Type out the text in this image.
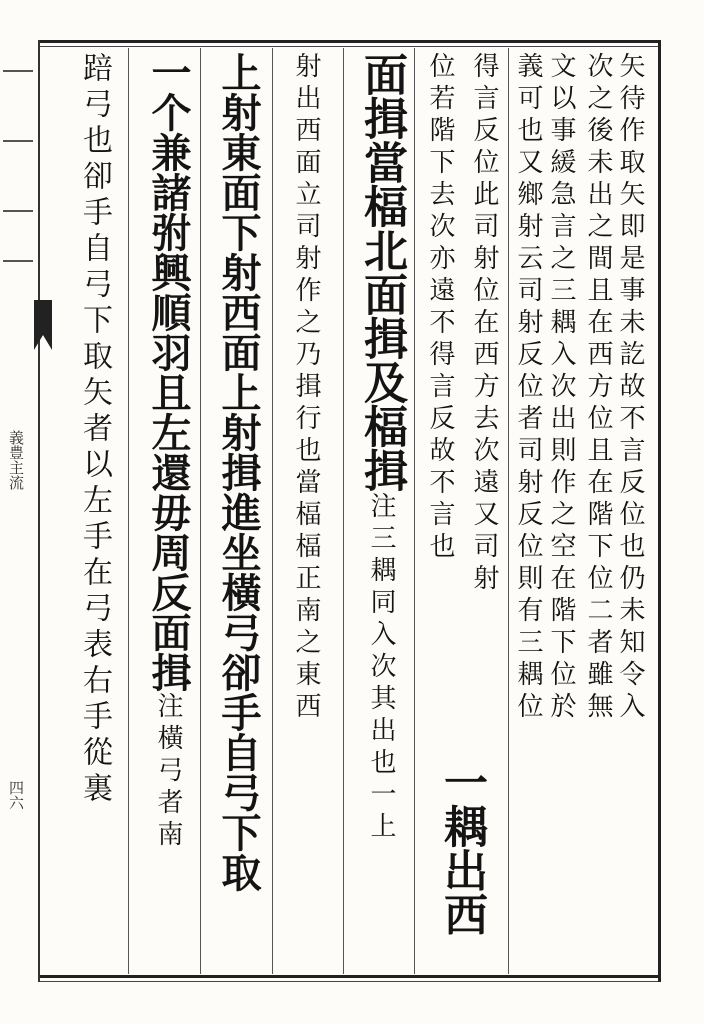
義豊主流
四六
矢待作取矢即是事未訖故不言反位也仍未知令入
次之後未出之間且在西方位且在階下位二者雖無
文以事緩急言之三耦入次出則作之空在階下位於
義可也又鄉射云司射反位者司射反位則有三耦位
得言反位此司射位在西方去次遠又司射
位若階下去次亦遠不得言反故不言也
一耦出西
面揖當楅北面揖及楅揖注三耦同入次其出也一上
射出西面立司射作之乃揖行也當楅楅正南之東西
上射東面下射西面上射揖進坐橫弓卻手自弓下取
一个兼諸弣興順羽且左還毋周反面揖注橫弓者南
踣弓也卻手自弓下取矢者以左手在弓表右手從裏
